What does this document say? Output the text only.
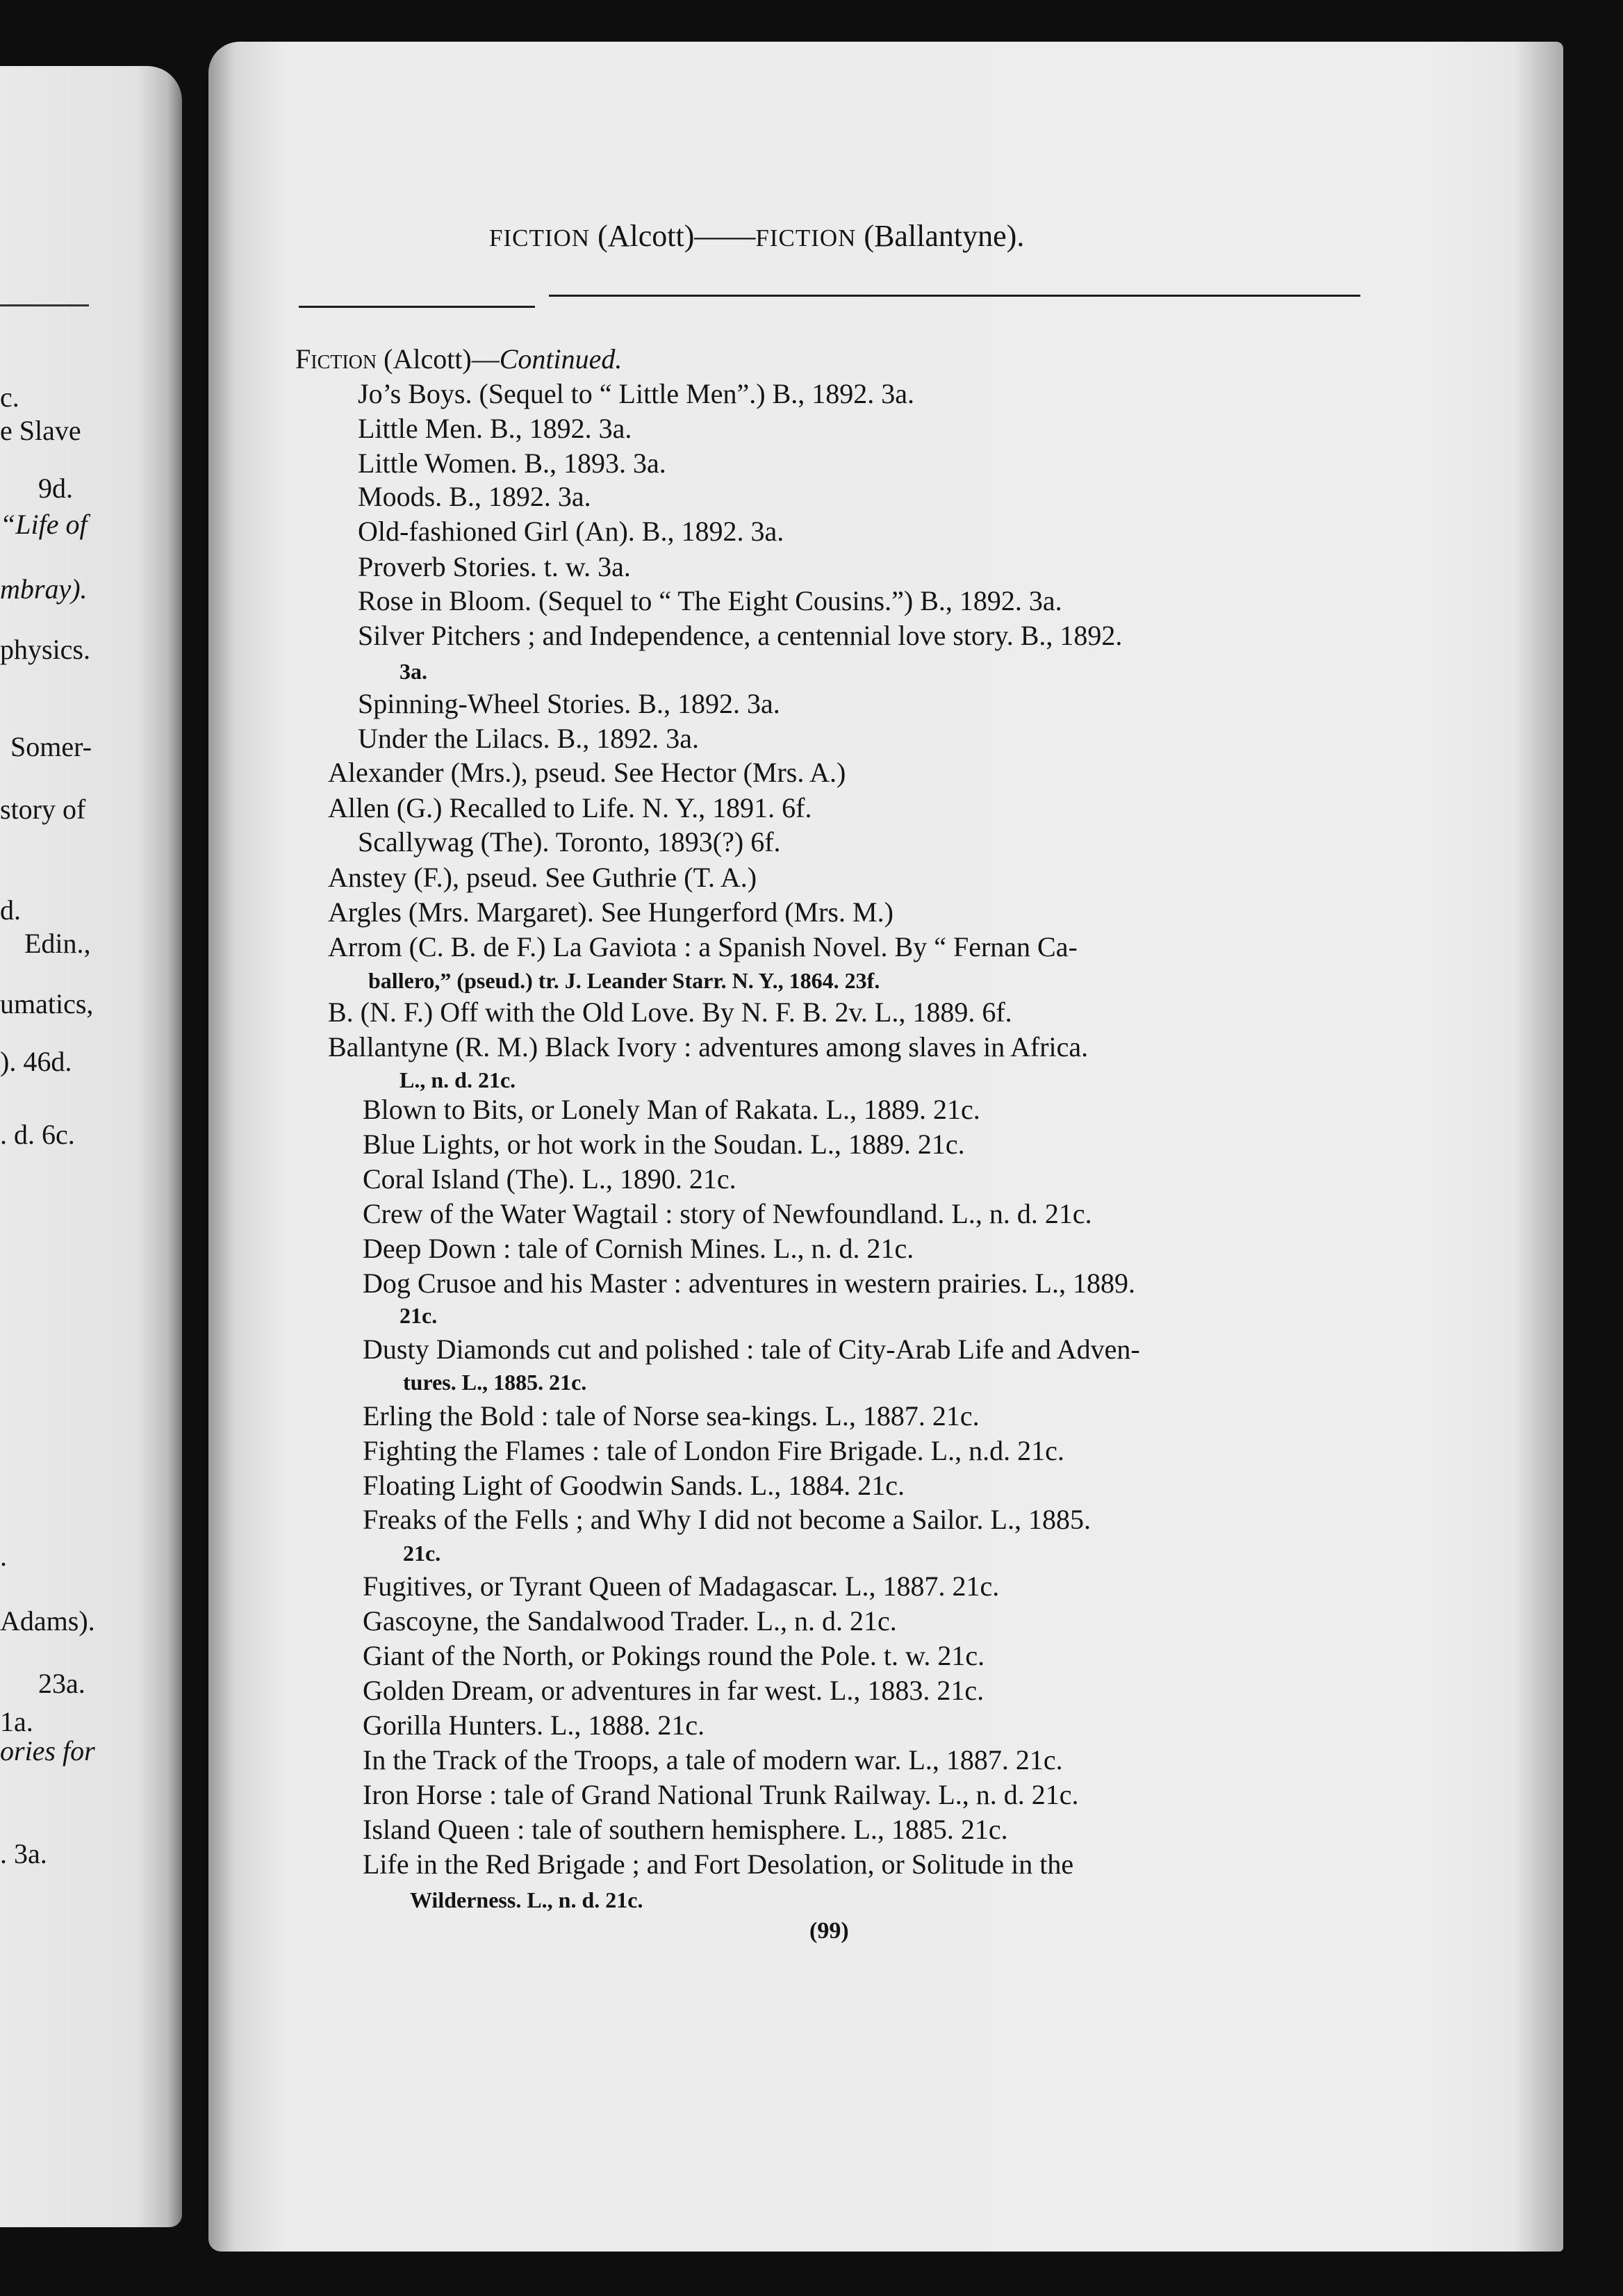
c.
e Slave
9d.
“Life of
mbray).
physics.
Somer-
story of
d.
Edin.,
umatics,
). 46d.
. d. 6c.
.
Adams).
23a.
1a.
ories for
. 3a.
FICTION (Alcott)——FICTION (Ballantyne).
Fiction (Alcott)––Continued.
Jo’s Boys. (Sequel to “ Little Men”.) B., 1892. 3a.
Little Men. B., 1892. 3a.
Little Women. B., 1893. 3a.
Moods. B., 1892. 3a.
Old-fashioned Girl (An). B., 1892. 3a.
Proverb Stories. t. w. 3a.
Rose in Bloom. (Sequel to “ The Eight Cousins.”) B., 1892. 3a.
Silver Pitchers ; and Independence, a centennial love story. B., 1892.
3a.
Spinning-Wheel Stories. B., 1892. 3a.
Under the Lilacs. B., 1892. 3a.
Alexander (Mrs.), pseud. See Hector (Mrs. A.)
Allen (G.) Recalled to Life. N. Y., 1891. 6f.
Scallywag (The). Toronto, 1893(?) 6f.
Anstey (F.), pseud. See Guthrie (T. A.)
Argles (Mrs. Margaret). See Hungerford (Mrs. M.)
Arrom (C. B. de F.) La Gaviota : a Spanish Novel. By “ Fernan Ca-
ballero,” (pseud.) tr. J. Leander Starr. N. Y., 1864. 23f.
B. (N. F.) Off with the Old Love. By N. F. B. 2v. L., 1889. 6f.
Ballantyne (R. M.) Black Ivory : adventures among slaves in Africa.
L., n. d. 21c.
Blown to Bits, or Lonely Man of Rakata. L., 1889. 21c.
Blue Lights, or hot work in the Soudan. L., 1889. 21c.
Coral Island (The). L., 1890. 21c.
Crew of the Water Wagtail : story of Newfoundland. L., n. d. 21c.
Deep Down : tale of Cornish Mines. L., n. d. 21c.
Dog Crusoe and his Master : adventures in western prairies. L., 1889.
21c.
Dusty Diamonds cut and polished : tale of City-Arab Life and Adven-
tures. L., 1885. 21c.
Erling the Bold : tale of Norse sea-kings. L., 1887. 21c.
Fighting the Flames : tale of London Fire Brigade. L., n.d. 21c.
Floating Light of Goodwin Sands. L., 1884. 21c.
Freaks of the Fells ; and Why I did not become a Sailor. L., 1885.
21c.
Fugitives, or Tyrant Queen of Madagascar. L., 1887. 21c.
Gascoyne, the Sandalwood Trader. L., n. d. 21c.
Giant of the North, or Pokings round the Pole. t. w. 21c.
Golden Dream, or adventures in far west. L., 1883. 21c.
Gorilla Hunters. L., 1888. 21c.
In the Track of the Troops, a tale of modern war. L., 1887. 21c.
Iron Horse : tale of Grand National Trunk Railway. L., n. d. 21c.
Island Queen : tale of southern hemisphere. L., 1885. 21c.
Life in the Red Brigade ; and Fort Desolation, or Solitude in the
Wilderness. L., n. d. 21c.
(99)
